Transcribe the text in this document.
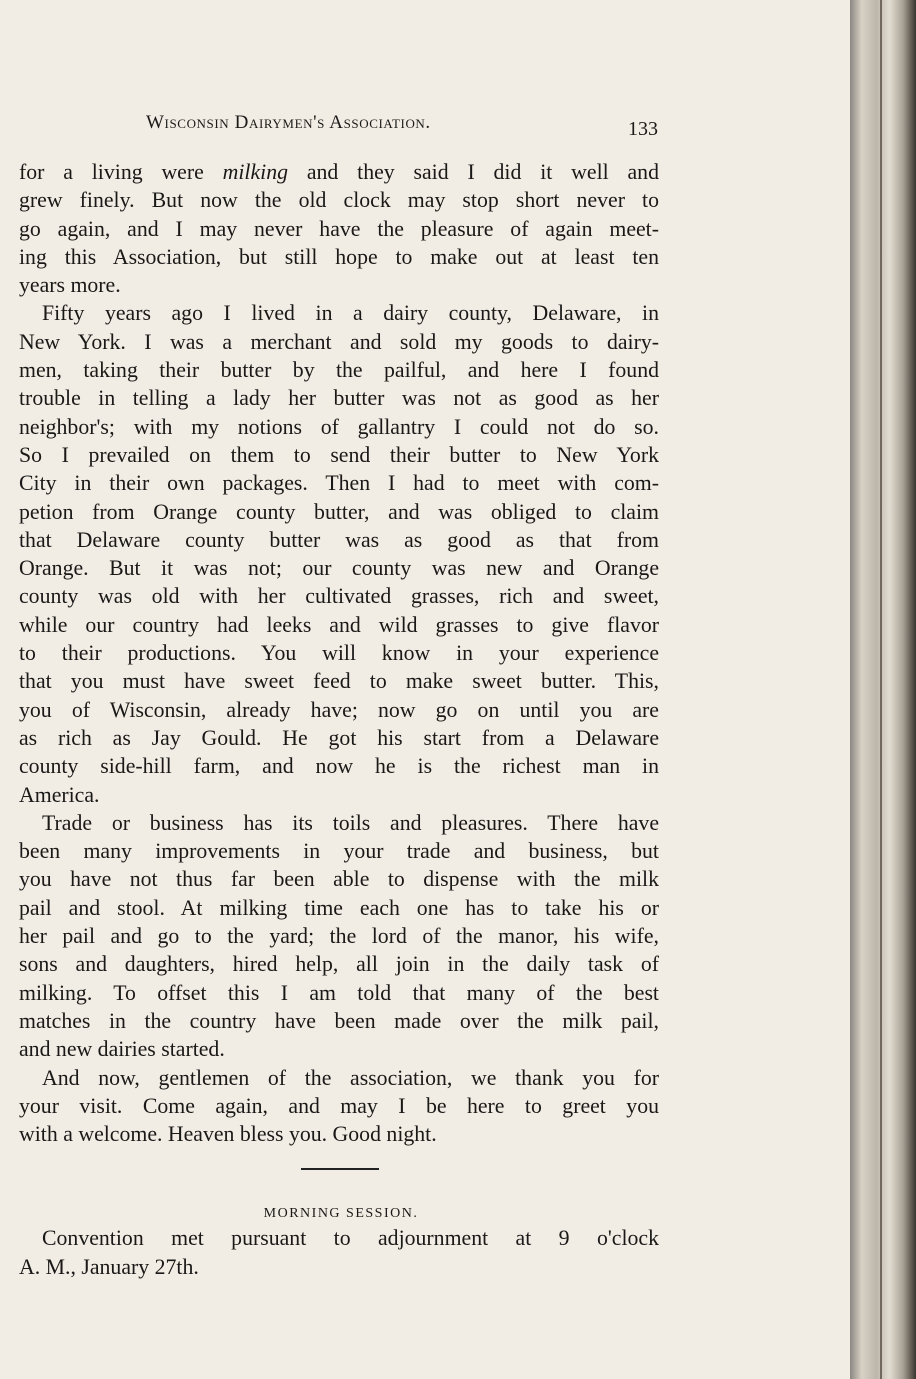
Wisconsin Dairymen's Association.	133

for a living were milking and they said I did it well and
grew finely. But now the old clock may stop short never to
go again, and I may never have the pleasure of again meet-
ing this Association, but still hope to make out at least ten
years more.

Fifty years ago I lived in a dairy county, Delaware, in
New York. I was a merchant and sold my goods to dairy-
men, taking their butter by the pailful, and here I found
trouble in telling a lady her butter was not as good as her
neighbor's; with my notions of gallantry I could not do so.
So I prevailed on them to send their butter to New York
City in their own packages. Then I had to meet with com-
petion from Orange county butter, and was obliged to claim
that Delaware county butter was as good as that from
Orange. But it was not; our county was new and Orange
county was old with her cultivated grasses, rich and sweet,
while our country had leeks and wild grasses to give flavor
to their productions. You will know in your experience
that you must have sweet feed to make sweet butter. This,
you of Wisconsin, already have; now go on until you are
as rich as Jay Gould. He got his start from a Delaware
county side-hill farm, and now he is the richest man in
America.

Trade or business has its toils and pleasures. There have
been many improvements in your trade and business, but
you have not thus far been able to dispense with the milk
pail and stool. At milking time each one has to take his or
her pail and go to the yard; the lord of the manor, his wife,
sons and daughters, hired help, all join in the daily task of
milking. To offset this I am told that many of the best
matches in the country have been made over the milk pail,
and new dairies started.

And now, gentlemen of the association, we thank you for
your visit. Come again, and may I be here to greet you
with a welcome. Heaven bless you. Good night.

MORNING SESSION.

Convention met pursuant to adjournment at 9 o'clock
A. M., January 27th.
